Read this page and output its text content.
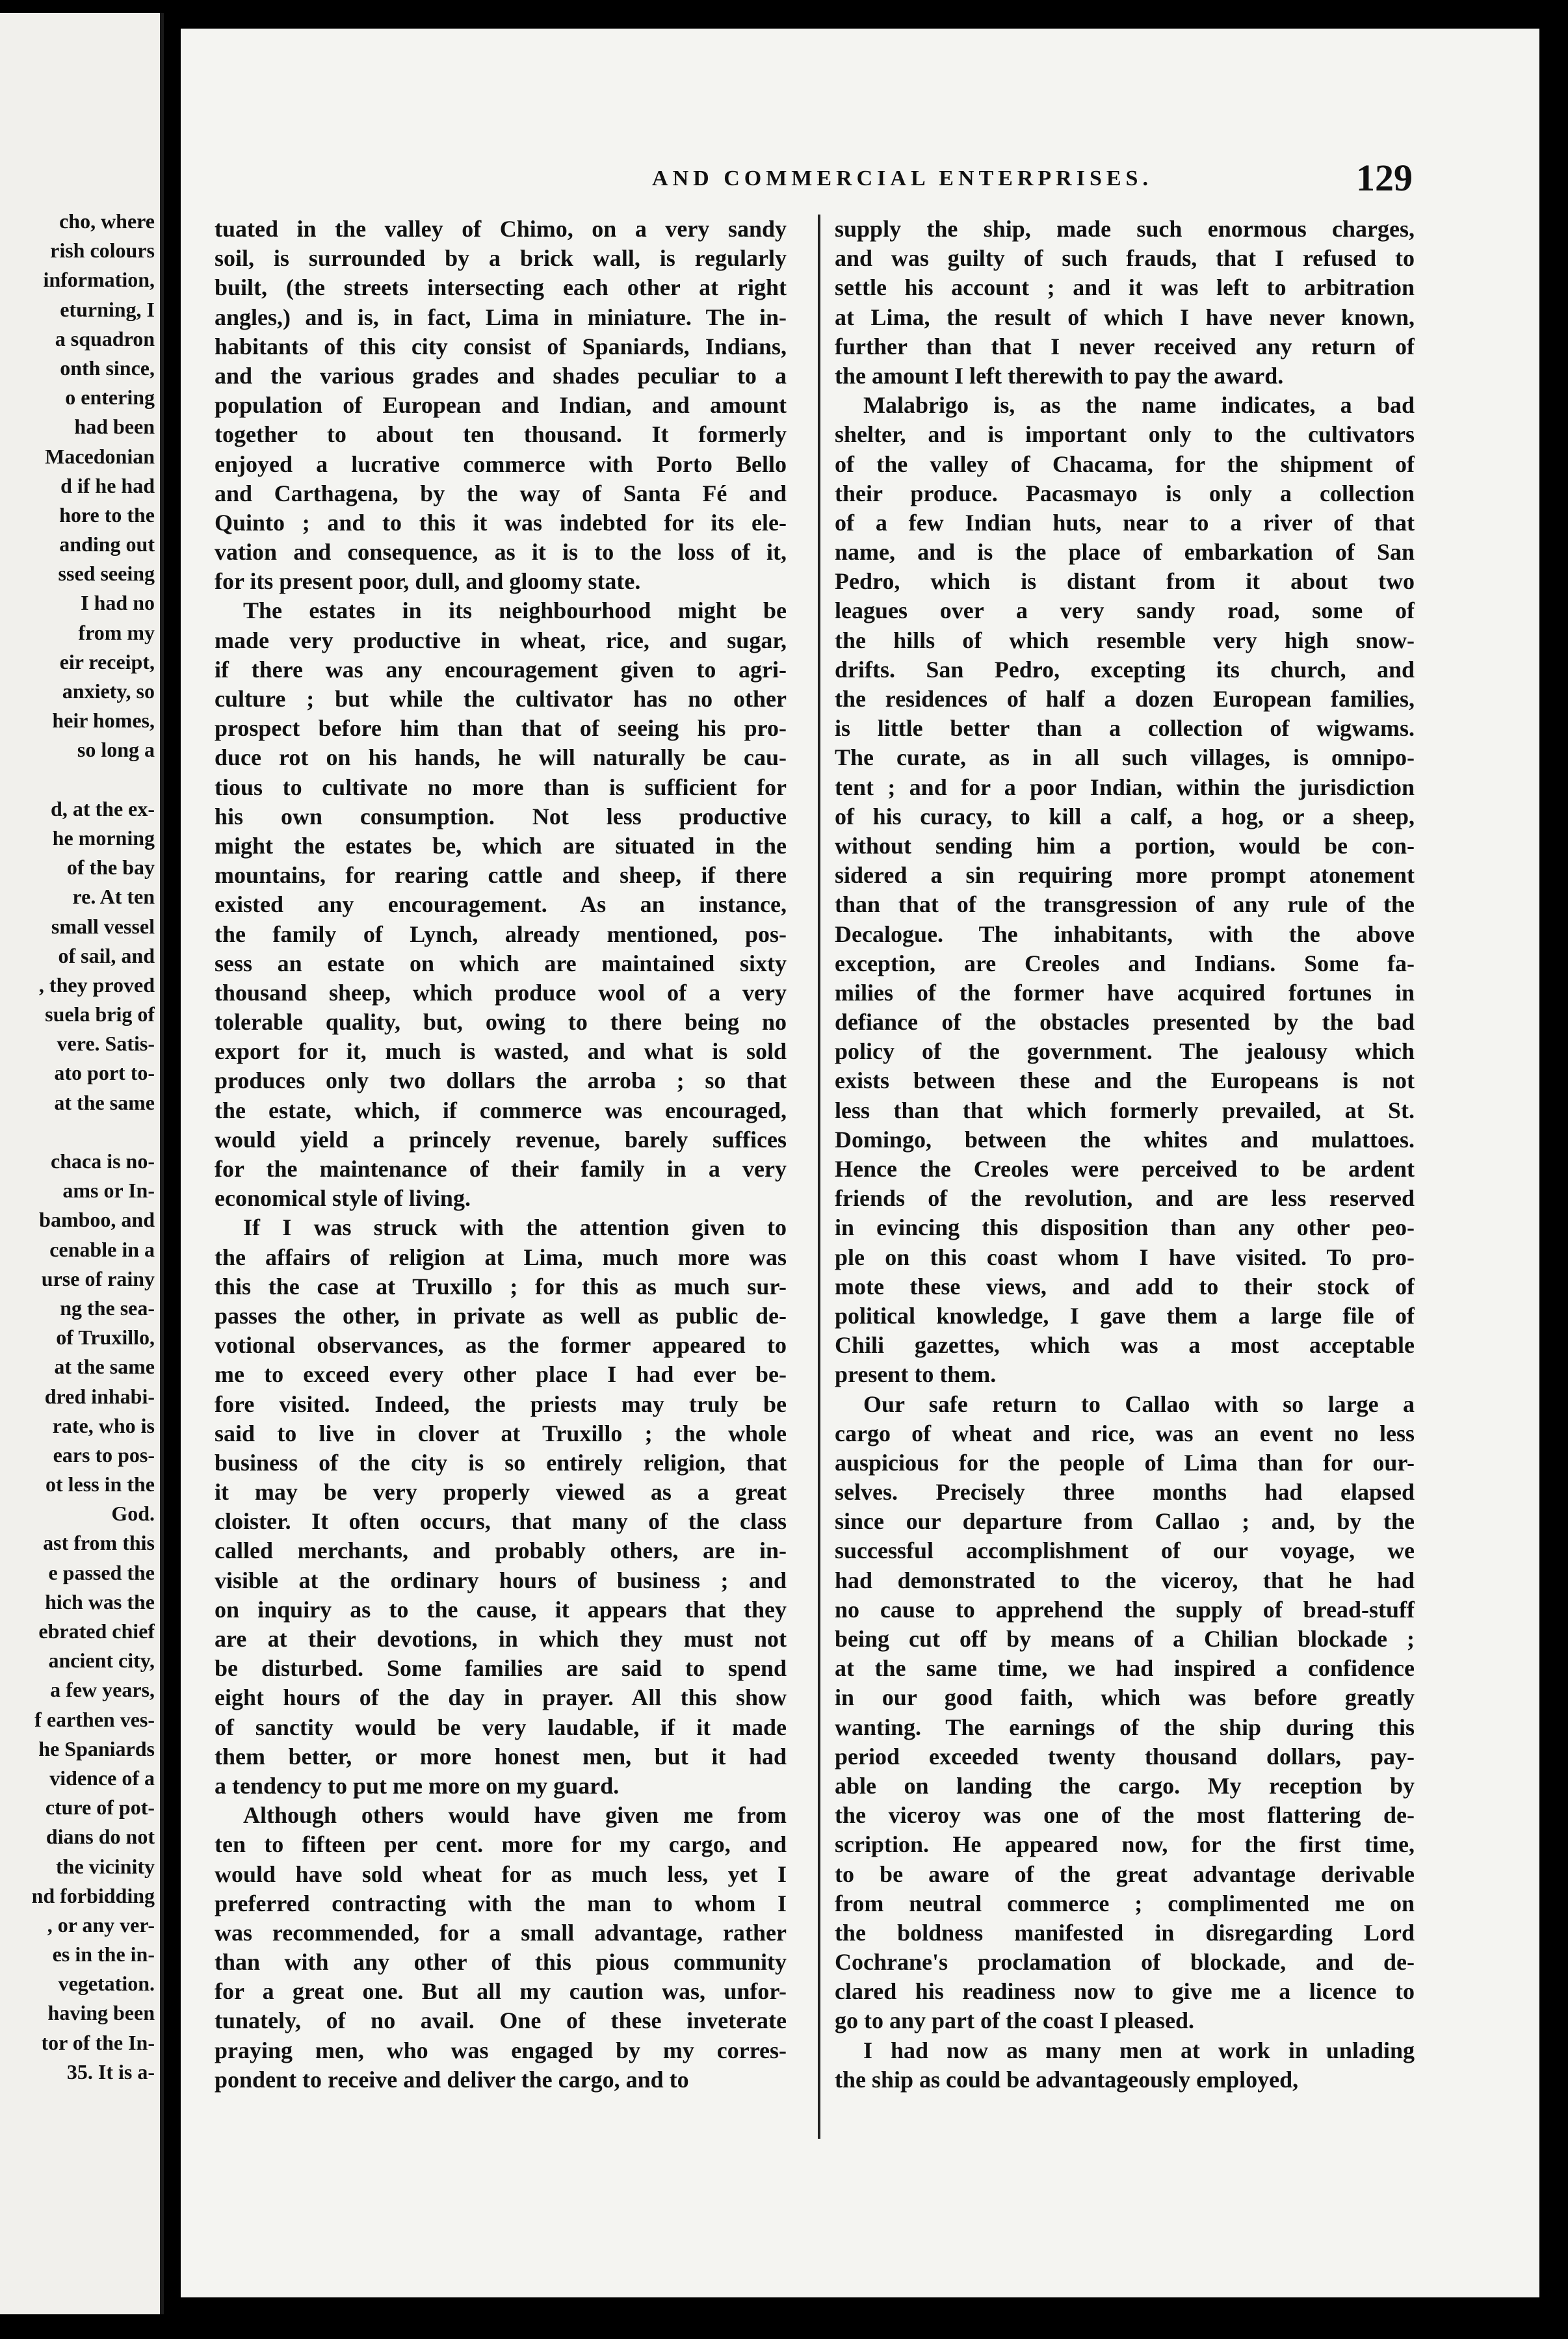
cho, where
rish colours
information,
eturning, I
a squadron
onth since,
o entering
had been
Macedonian
d if he had
hore to the
anding out
ssed seeing
I had no
from my
eir receipt,
anxiety, so
heir homes,
so long a
d, at the ex-
he morning
of the bay
re. At ten
small vessel
of sail, and
, they proved
suela brig of
vere. Satis-
ato port to-
at the same
chaca is no-
ams or In-
bamboo, and
cenable in a
urse of rainy
ng the sea-
of Truxillo,
at the same
dred inhabi-
rate, who is
ears to pos-
ot less in the
God.
ast from this
e passed the
hich was the
ebrated chief
ancient city,
a few years,
f earthen ves-
he Spaniards
vidence of a
cture of pot-
dians do not
the vicinity
nd forbidding
, or any ver-
es in the in-
vegetation.
having been
tor of the In-
35. It is a-
AND COMMERCIAL ENTERPRISES.	129
tuated in the valley of Chimo, on a very sandy
soil, is surrounded by a brick wall, is regularly
built, (the streets intersecting each other at right
angles,) and is, in fact, Lima in miniature. The in-
habitants of this city consist of Spaniards, Indians,
and the various grades and shades peculiar to a
population of European and Indian, and amount
together to about ten thousand. It formerly
enjoyed a lucrative commerce with Porto Bello
and Carthagena, by the way of Santa Fé and
Quinto ; and to this it was indebted for its ele-
vation and consequence, as it is to the loss of it,
for its present poor, dull, and gloomy state.
The estates in its neighbourhood might be
made very productive in wheat, rice, and sugar,
if there was any encouragement given to agri-
culture ; but while the cultivator has no other
prospect before him than that of seeing his pro-
duce rot on his hands, he will naturally be cau-
tious to cultivate no more than is sufficient for
his own consumption. Not less productive
might the estates be, which are situated in the
mountains, for rearing cattle and sheep, if there
existed any encouragement. As an instance,
the family of Lynch, already mentioned, pos-
sess an estate on which are maintained sixty
thousand sheep, which produce wool of a very
tolerable quality, but, owing to there being no
export for it, much is wasted, and what is sold
produces only two dollars the arroba ; so that
the estate, which, if commerce was encouraged,
would yield a princely revenue, barely suffices
for the maintenance of their family in a very
economical style of living.
If I was struck with the attention given to
the affairs of religion at Lima, much more was
this the case at Truxillo ; for this as much sur-
passes the other, in private as well as public de-
votional observances, as the former appeared to
me to exceed every other place I had ever be-
fore visited. Indeed, the priests may truly be
said to live in clover at Truxillo ; the whole
business of the city is so entirely religion, that
it may be very properly viewed as a great
cloister. It often occurs, that many of the class
called merchants, and probably others, are in-
visible at the ordinary hours of business ; and
on inquiry as to the cause, it appears that they
are at their devotions, in which they must not
be disturbed. Some families are said to spend
eight hours of the day in prayer. All this show
of sanctity would be very laudable, if it made
them better, or more honest men, but it had
a tendency to put me more on my guard.
Although others would have given me from
ten to fifteen per cent. more for my cargo, and
would have sold wheat for as much less, yet I
preferred contracting with the man to whom I
was recommended, for a small advantage, rather
than with any other of this pious community
for a great one. But all my caution was, unfor-
tunately, of no avail. One of these inveterate
praying men, who was engaged by my corres-
pondent to receive and deliver the cargo, and to
supply the ship, made such enormous charges,
and was guilty of such frauds, that I refused to
settle his account ; and it was left to arbitration
at Lima, the result of which I have never known,
further than that I never received any return of
the amount I left therewith to pay the award.
Malabrigo is, as the name indicates, a bad
shelter, and is important only to the cultivators
of the valley of Chacama, for the shipment of
their produce. Pacasmayo is only a collection
of a few Indian huts, near to a river of that
name, and is the place of embarkation of San
Pedro, which is distant from it about two
leagues over a very sandy road, some of
the hills of which resemble very high snow-
drifts. San Pedro, excepting its church, and
the residences of half a dozen European families,
is little better than a collection of wigwams.
The curate, as in all such villages, is omnipo-
tent ; and for a poor Indian, within the jurisdiction
of his curacy, to kill a calf, a hog, or a sheep,
without sending him a portion, would be con-
sidered a sin requiring more prompt atonement
than that of the transgression of any rule of the
Decalogue. The inhabitants, with the above
exception, are Creoles and Indians. Some fa-
milies of the former have acquired fortunes in
defiance of the obstacles presented by the bad
policy of the government. The jealousy which
exists between these and the Europeans is not
less than that which formerly prevailed, at St.
Domingo, between the whites and mulattoes.
Hence the Creoles were perceived to be ardent
friends of the revolution, and are less reserved
in evincing this disposition than any other peo-
ple on this coast whom I have visited. To pro-
mote these views, and add to their stock of
political knowledge, I gave them a large file of
Chili gazettes, which was a most acceptable
present to them.
Our safe return to Callao with so large a
cargo of wheat and rice, was an event no less
auspicious for the people of Lima than for our-
selves. Precisely three months had elapsed
since our departure from Callao ; and, by the
successful accomplishment of our voyage, we
had demonstrated to the viceroy, that he had
no cause to apprehend the supply of bread-stuff
being cut off by means of a Chilian blockade ;
at the same time, we had inspired a confidence
in our good faith, which was before greatly
wanting. The earnings of the ship during this
period exceeded twenty thousand dollars, pay-
able on landing the cargo. My reception by
the viceroy was one of the most flattering de-
scription. He appeared now, for the first time,
to be aware of the great advantage derivable
from neutral commerce ; complimented me on
the boldness manifested in disregarding Lord
Cochrane's proclamation of blockade, and de-
clared his readiness now to give me a licence to
go to any part of the coast I pleased.
I had now as many men at work in unlading
the ship as could be advantageously employed,
